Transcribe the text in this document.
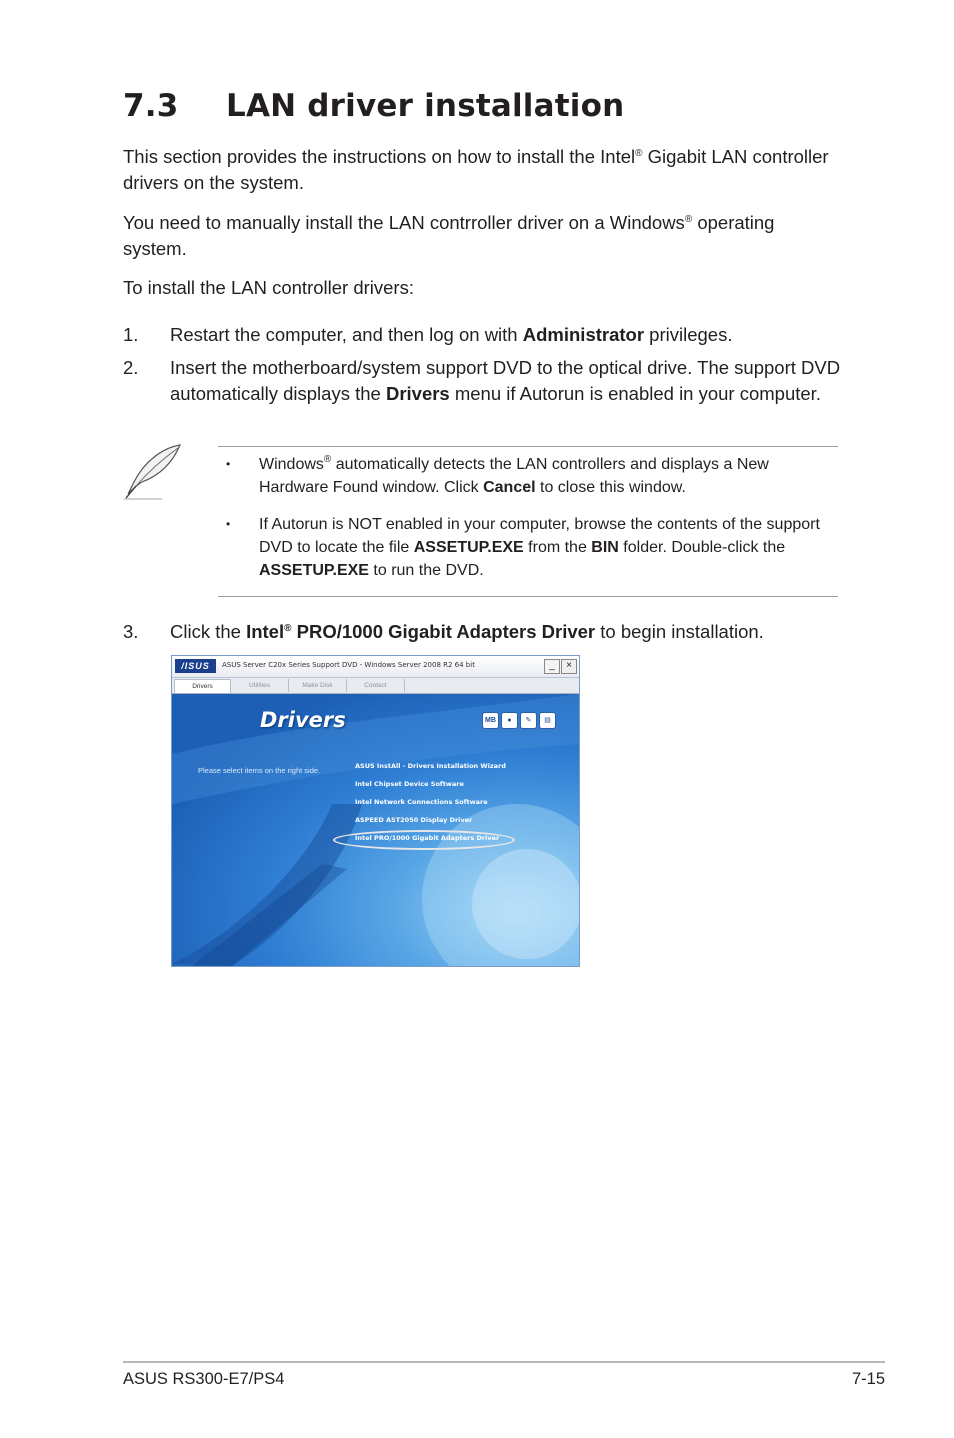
7.3 LAN driver installation
This section provides the instructions on how to install the Intel® Gigabit LAN controller drivers on the system.
You need to manually install the LAN contrroller driver on a Windows® operating system.
To install the LAN controller drivers:
1. Restart the computer, and then log on with Administrator privileges.
2. Insert the motherboard/system support DVD to the optical drive. The support DVD automatically displays the Drivers menu if Autorun is enabled in your computer.
• Windows® automatically detects the LAN controllers and displays a New Hardware Found window. Click Cancel to close this window.
• If Autorun is NOT enabled in your computer, browse the contents of the support DVD to locate the file ASSETUP.EXE from the BIN folder. Double-click the ASSETUP.EXE to run the DVD.
3. Click the Intel® PRO/1000 Gigabit Adapters Driver to begin installation.
/ISUS	ASUS Server C20x Series Support DVD - Windows Server 2008 R2 64 bit	_	×
Drivers	Utilities	Make Disk	Contact
Drivers	MB	●	✎	▤
Please select items on the right side.	ASUS InstAll - Drivers Installation Wizard
Intel Chipset Device Software
Intel Network Connections Software
ASPEED AST2050 Display Driver
Intel PRO/1000 Gigabit Adapters Driver
ASUS RS300-E7/PS4	7-15
